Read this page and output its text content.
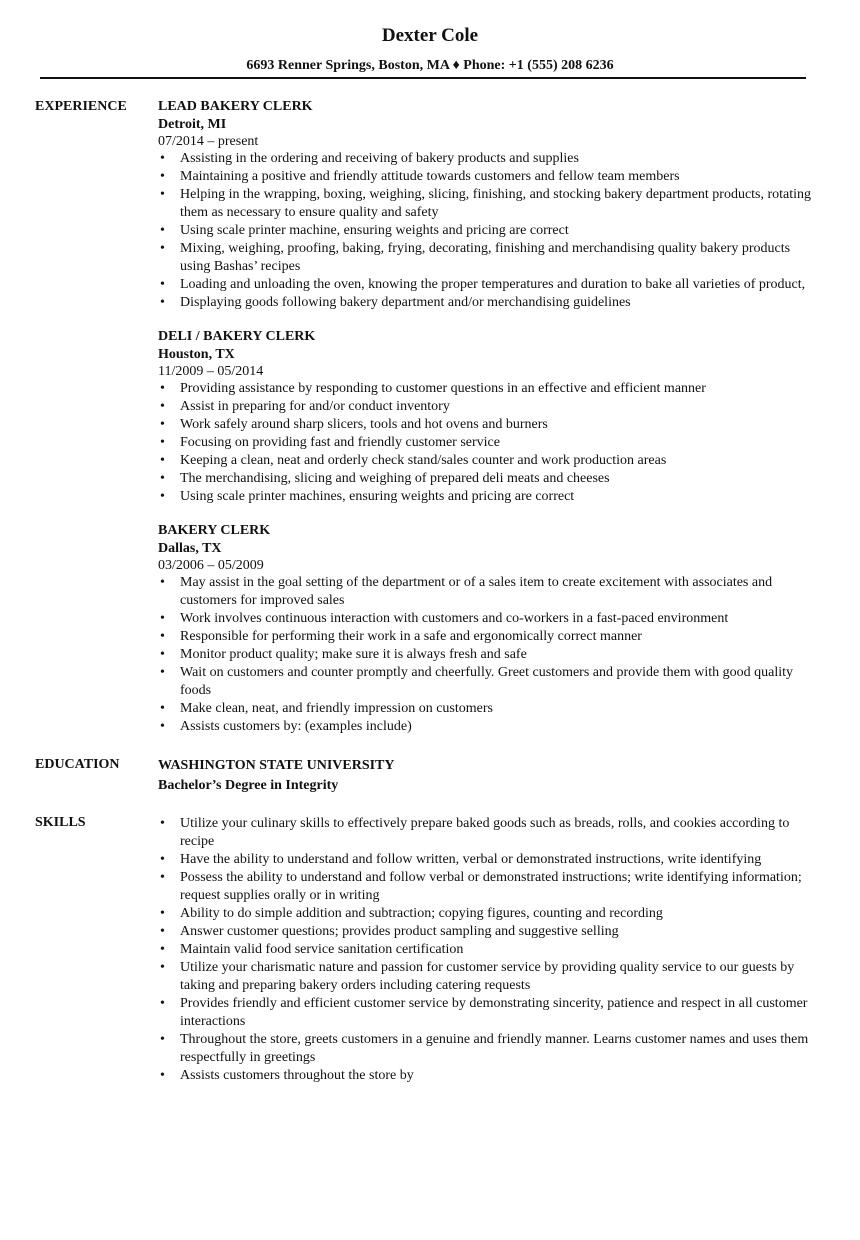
Dexter Cole
6693 Renner Springs, Boston, MA ♦ Phone: +1 (555) 208 6236
EXPERIENCE	LEAD BAKERY CLERK
Detroit, MI
07/2014 – present
• Assisting in the ordering and receiving of bakery products and supplies
• Maintaining a positive and friendly attitude towards customers and fellow team members
• Helping in the wrapping, boxing, weighing, slicing, finishing, and stocking bakery department products, rotating them as necessary to ensure quality and safety
• Using scale printer machine, ensuring weights and pricing are correct
• Mixing, weighing, proofing, baking, frying, decorating, finishing and merchandising quality bakery products using Bashas’ recipes
• Loading and unloading the oven, knowing the proper temperatures and duration to bake all varieties of product,
• Displaying goods following bakery department and/or merchandising guidelines
DELI / BAKERY CLERK
Houston, TX
11/2009 – 05/2014
• Providing assistance by responding to customer questions in an effective and efficient manner
• Assist in preparing for and/or conduct inventory
• Work safely around sharp slicers, tools and hot ovens and burners
• Focusing on providing fast and friendly customer service
• Keeping a clean, neat and orderly check stand/sales counter and work production areas
• The merchandising, slicing and weighing of prepared deli meats and cheeses
• Using scale printer machines, ensuring weights and pricing are correct
BAKERY CLERK
Dallas, TX
03/2006 – 05/2009
• May assist in the goal setting of the department or of a sales item to create excitement with associates and customers for improved sales
• Work involves continuous interaction with customers and co-workers in a fast-paced environment
• Responsible for performing their work in a safe and ergonomically correct manner
• Monitor product quality; make sure it is always fresh and safe
• Wait on customers and counter promptly and cheerfully. Greet customers and provide them with good quality foods
• Make clean, neat, and friendly impression on customers
• Assists customers by: (examples include)
EDUCATION	WASHINGTON STATE UNIVERSITY
Bachelor’s Degree in Integrity
SKILLS
•	Utilize your culinary skills to effectively prepare baked goods such as breads, rolls, and cookies according to recipe
• Have the ability to understand and follow written, verbal or demonstrated instructions, write identifying
• Possess the ability to understand and follow verbal or demonstrated instructions; write identifying information; request supplies orally or in writing
• Ability to do simple addition and subtraction; copying figures, counting and recording
• Answer customer questions; provides product sampling and suggestive selling
• Maintain valid food service sanitation certification
• Utilize your charismatic nature and passion for customer service by providing quality service to our guests by taking and preparing bakery orders including catering requests
• Provides friendly and efficient customer service by demonstrating sincerity, patience and respect in all customer interactions
• Throughout the store, greets customers in a genuine and friendly manner. Learns customer names and uses them respectfully in greetings
• Assists customers throughout the store by
